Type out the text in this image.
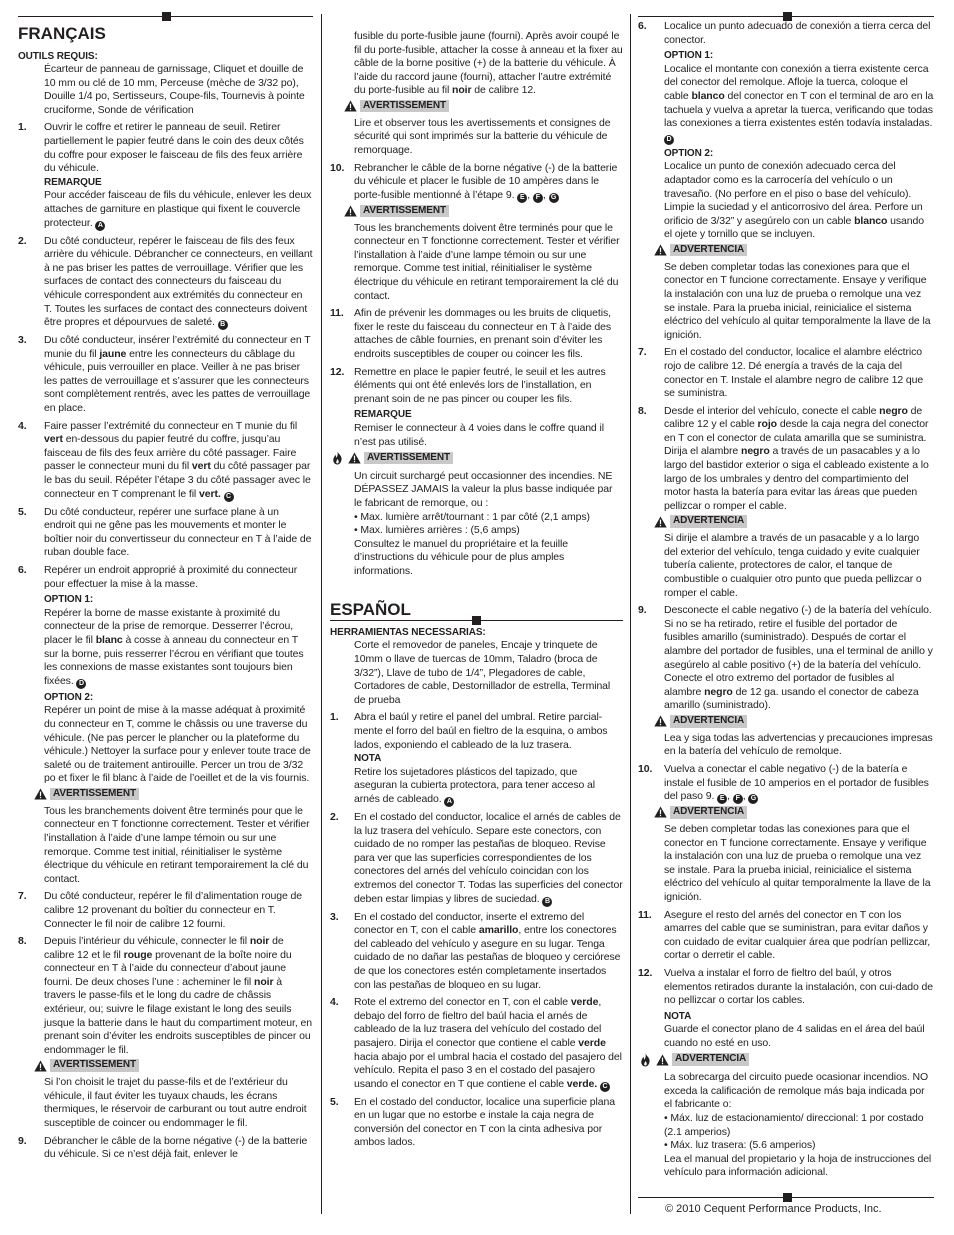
FRANÇAIS
OUTILS REQUIS:
Écarteur de panneau de garnissage, Cliquet et douille de 10 mm ou clé de 10 mm, Perceuse (mèche de 3/32 po), Douille 1/4 po, Sertisseurs, Coupe-fils, Tournevis à pointe cruciforme, Sonde de vérification
1.	Ouvrir le coffre et retirer le panneau de seuil. Retirer partiellement le papier feutré dans le coin des deux côtés du coffre pour exposer le faisceau de fils des feux arrière du véhicule.
REMARQUE
Pour accéder faisceau de fils du véhicule, enlever les deux attaches de garniture en plastique qui fixent le couvercle protecteur. A
2.	Du côté conducteur, repérer le faisceau de fils des feux arrière du véhicule. Débrancher ce connecteurs, en veillant à ne pas briser les pattes de verrouillage. Vérifier que les surfaces de contact des connecteurs du faisceau du véhicule correspondent aux extrémités du connecteur en T. Toutes les surfaces de contact des connecteurs doivent être propres et dépourvues de saleté. B
3.	Du côté conducteur, insérer l’extrémité du connecteur en T munie du fil jaune entre les connecteurs du câblage du véhicule, puis verrouiller en place. Veiller à ne pas briser les pattes de verrouillage et s’assurer que les connecteurs sont complètement rentrés, avec les pattes de verrouillage en place.
4.	Faire passer l’extrémité du connecteur en T munie du fil vert en-dessous du papier feutré du coffre, jusqu’au faisceau de fils des feux arrière du côté passager. Faire passer le connecteur muni du fil vert du côté passager par le bas du seuil. Répéter l’étape 3 du côté passager avec le connecteur en T comprenant le fil vert. C
5.	Du côté conducteur, repérer une surface plane à un endroit qui ne gêne pas les mouvements et monter le boîtier noir du convertisseur du connecteur en T à l’aide de ruban double face.
6.	Repérer un endroit approprié à proximité du connecteur pour effectuer la mise à la masse.
OPTION 1:
Repérer la borne de masse existante à proximité du connecteur de la prise de remorque. Desserrer l’écrou, placer le fil blanc à cosse à anneau du connecteur en T sur la borne, puis resserrer l’écrou en vérifiant que toutes les connexions de masse existantes sont toujours bien fixées. D
OPTION 2:
Repérer un point de mise à la masse adéquat à proximité du connecteur en T, comme le châssis ou une traverse du véhicule. (Ne pas percer le plancher ou la plateforme du véhicule.) Nettoyer la surface pour y enlever toute trace de saleté ou de traitement antirouille. Percer un trou de 3/32 po et fixer le fil blanc à l’aide de l’oeillet et de la vis fournis.
AVERTISSEMENT
Tous les branchements doivent être terminés pour que le connecteur en T fonctionne correctement. Tester et vérifier l’installation à l’aide d’une lampe témoin ou sur une remorque. Comme test initial, réinitialiser le système électrique du véhicule en retirant temporairement la clé du contact.
7.	Du côté conducteur, repérer le fil d’alimentation rouge de calibre 12 provenant du boîtier du connecteur en T. Connecter le fil noir de calibre 12 fourni.
8.	Depuis l’intérieur du véhicule, connecter le fil noir de calibre 12 et le fil rouge provenant de la boîte noire du connecteur en T à l’aide du connecteur d’about jaune fourni. De deux choses l’une : acheminer le fil noir à travers le passe-fils et le long du cadre de châssis extérieur, ou; suivre le filage existant le long des seuils jusque la batterie dans le haut du compartiment moteur, en prenant soin d’éviter les endroits susceptibles de pincer ou endommager le fil.
AVERTISSEMENT
Si l’on choisit le trajet du passe-fils et de l’extérieur du véhicule, il faut éviter les tuyaux chauds, les écrans thermiques, le réservoir de carburant ou tout autre endroit susceptible de coincer ou endommager le fil.
9.	Débrancher le câble de la borne négative (-) de la batterie du véhicule. Si ce n’est déjà fait, enlever le
fusible du porte-fusible jaune (fourni). Après avoir coupé le fil du porte-fusible, attacher la cosse à anneau et la fixer au câble de la borne positive (+) de la batterie du véhicule. À l’aide du raccord jaune (fourni), attacher l’autre extrémité du porte-fusible au fil noir de calibre 12.
AVERTISSEMENT
Lire et observer tous les avertissements et consignes de sécurité qui sont imprimés sur la batterie du véhicule de remorquage.
10. Rebrancher le câble de la borne négative (-) de la batterie du véhicule et placer le fusible de 10 ampères dans le porte-fusible mentionné à l’étape 9. E , F , G
AVERTISSEMENT
Tous les branchements doivent être terminés pour que le connecteur en T fonctionne correctement. Tester et vérifier l’installation à l’aide d’une lampe témoin ou sur une remorque. Comme test initial, réinitialiser le système électrique du véhicule en retirant temporairement la clé du contact.
11. Afin de prévenir les dommages ou les bruits de cliquetis, fixer le reste du faisceau du connecteur en T à l’aide des attaches de câble fournies, en prenant soin d’éviter les endroits susceptibles de couper ou coincer les fils.
12. Remettre en place le papier feutré, le seuil et les autres éléments qui ont été enlevés lors de l’installation, en prenant soin de ne pas pincer ou couper les fils.
REMARQUE
Remiser le connecteur à 4 voies dans le coffre quand il n’est pas utilisé.
AVERTISSEMENT
Un circuit surchargé peut occasionner des incendies. NE DÉPASSEZ JAMAIS la valeur la plus basse indiquée par le fabricant de remorque, ou :
• Max. lumière arrêt/tournant : 1 par côté (2,1 amps)
• Max. lumières arrières : (5,6 amps)
Consultez le manuel du propriétaire et la feuille d’instructions du véhicule pour de plus amples informations.
ESPAÑOL
HERRAMIENTAS NECESSARIAS:
Corte el removedor de paneles, Encaje y trinquete de 10mm o llave de tuercas de 10mm, Taladro (broca de 3/32”), Llave de tubo de 1/4”, Plegadores de cable, Cortadores de cable, Destornillador de estrella, Terminal de prueba
1.	Abra el baúl y retire el panel del umbral. Retire parcial-mente el forro del baúl en fieltro de la esquina, o ambos lados, exponiendo el cableado de la luz trasera.
NOTA
Retire los sujetadores plásticos del tapizado, que aseguran la cubierta protectora, para tener acceso al arnés de cableado. A
2.	En el costado del conductor, localice el arnés de cables de la luz trasera del vehículo. Separe este conectors, con cuidado de no romper las pestañas de bloqueo. Revise para ver que las superficies correspondientes de los conectores del arnés del vehículo coincidan con los extremos del conector T. Todas las superficies del conector deben estar limpias y libres de suciedad. B
3.	En el costado del conductor, inserte el extremo del conector en T, con el cable amarillo, entre los conectores del cableado del vehículo y asegure en su lugar. Tenga cuidado de no dañar las pestañas de bloqueo y cerciórese de que los conectores estén completamente insertados con las pestañas de bloqueo en su lugar.
4.	Rote el extremo del conector en T, con el cable verde, debajo del forro de fieltro del baúl hacia el arnés de cableado de la luz trasera del vehículo del costado del pasajero. Dirija el conector que contiene el cable verde hacia abajo por el umbral hacia el costado del pasajero del vehículo. Repita el paso 3 en el costado del pasajero usando el conector en T que contiene el cable verde. C
5.	En el costado del conductor, localice una superficie plana en un lugar que no estorbe e instale la caja negra de conversión del conector en T con la cinta adhesiva por ambos lados.
6.	Localice un punto adecuado de conexión a tierra cerca del conector.
OPTION 1:
Localice el montante con conexión a tierra existente cerca del conector del remolque. Afloje la tuerca, coloque el cable blanco del conector en T con el terminal de aro en la tachuela y vuelva a apretar la tuerca, verificando que todas las conexiones a tierra existentes estén todavía instaladas. D
OPTION 2:
Localice un punto de conexión adecuado cerca del adaptador como es la carrocería del vehículo o un travesaño. (No perfore en el piso o base del vehículo). Limpie la suciedad y el anticorrosivo del área. Perfore un orificio de 3/32” y asegúrelo con un cable blanco usando el ojete y tornillo que se incluyen.
ADVERTENCIA
Se deben completar todas las conexiones para que el conector en T funcione correctamente. Ensaye y verifique la instalación con una luz de prueba o remolque una vez se instale. Para la prueba inicial, reinicialice el sistema eléctrico del vehículo al quitar temporalmente la llave de la ignición.
7.	En el costado del conductor, localice el alambre eléctrico rojo de calibre 12. Dé energía a través de la caja del conector en T. Instale el alambre negro de calibre 12 que se suministra.
8.	Desde el interior del vehículo, conecte el cable negro de calibre 12 y el cable rojo desde la caja negra del conector en T con el conector de culata amarilla que se suministra. Dirija el alambre negro a través de un pasacables y a lo largo del bastidor exterior o siga el cableado existente a lo largo de los umbrales y dentro del compartimiento del motor hasta la batería para evitar las áreas que pueden pellizcar o romper el cable.
ADVERTENCIA
Si dirije el alambre a través de un pasacable y a lo largo del exterior del vehículo, tenga cuidado y evite cualquier tubería caliente, protectores de calor, el tanque de combustible o cualquier otro punto que pueda pellizcar o romper el cable.
9.	Desconecte el cable negativo (-) de la batería del vehículo. Si no se ha retirado, retire el fusible del portador de fusibles amarillo (suministrado). Después de cortar el alambre del portador de fusibles, una el terminal de anillo y asegúrelo al cable positivo (+) de la batería del vehículo. Conecte el otro extremo del portador de fusibles al alambre negro de 12 ga. usando el conector de cabeza amarillo (suministrado).
ADVERTENCIA
Lea y siga todas las advertencias y precauciones impresas en la batería del vehículo de remolque.
10.	Vuelva a conectar el cable negativo (-) de la batería e instale el fusible de 10 amperios en el portador de fusibles del paso 9. E , F , G
ADVERTENCIA
Se deben completar todas las conexiones para que el conector en T funcione correctamente. Ensaye y verifique la instalación con una luz de prueba o remolque una vez se instale. Para la prueba inicial, reinicialice el sistema eléctrico del vehículo al quitar temporalmente la llave de la ignición.
11.	Asegure el resto del arnés del conector en T con los amarres del cable que se suministran, para evitar daños y con cuidado de evitar cualquier área que podrían pellizcar, cortar o derretir el cable.
12.	Vuelva a instalar el forro de fieltro del baúl, y otros elementos retirados durante la instalación, con cui-dado de no pellizcar o cortar los cables.
NOTA
Guarde el conector plano de 4 salidas en el área del baúl cuando no esté en uso.
ADVERTENCIA
La sobrecarga del circuito puede ocasionar incendios. NO exceda la calificación de remolque más baja indicada por el fabricante o:
• Máx. luz de estacionamiento/ direccional: 1 por costado (2.1 amperios)
• Máx. luz trasera: (5.6 amperios)
Lea el manual del propietario y la hoja de instrucciones del vehículo para información adicional.
© 2010 Cequent Performance Products, Inc.
